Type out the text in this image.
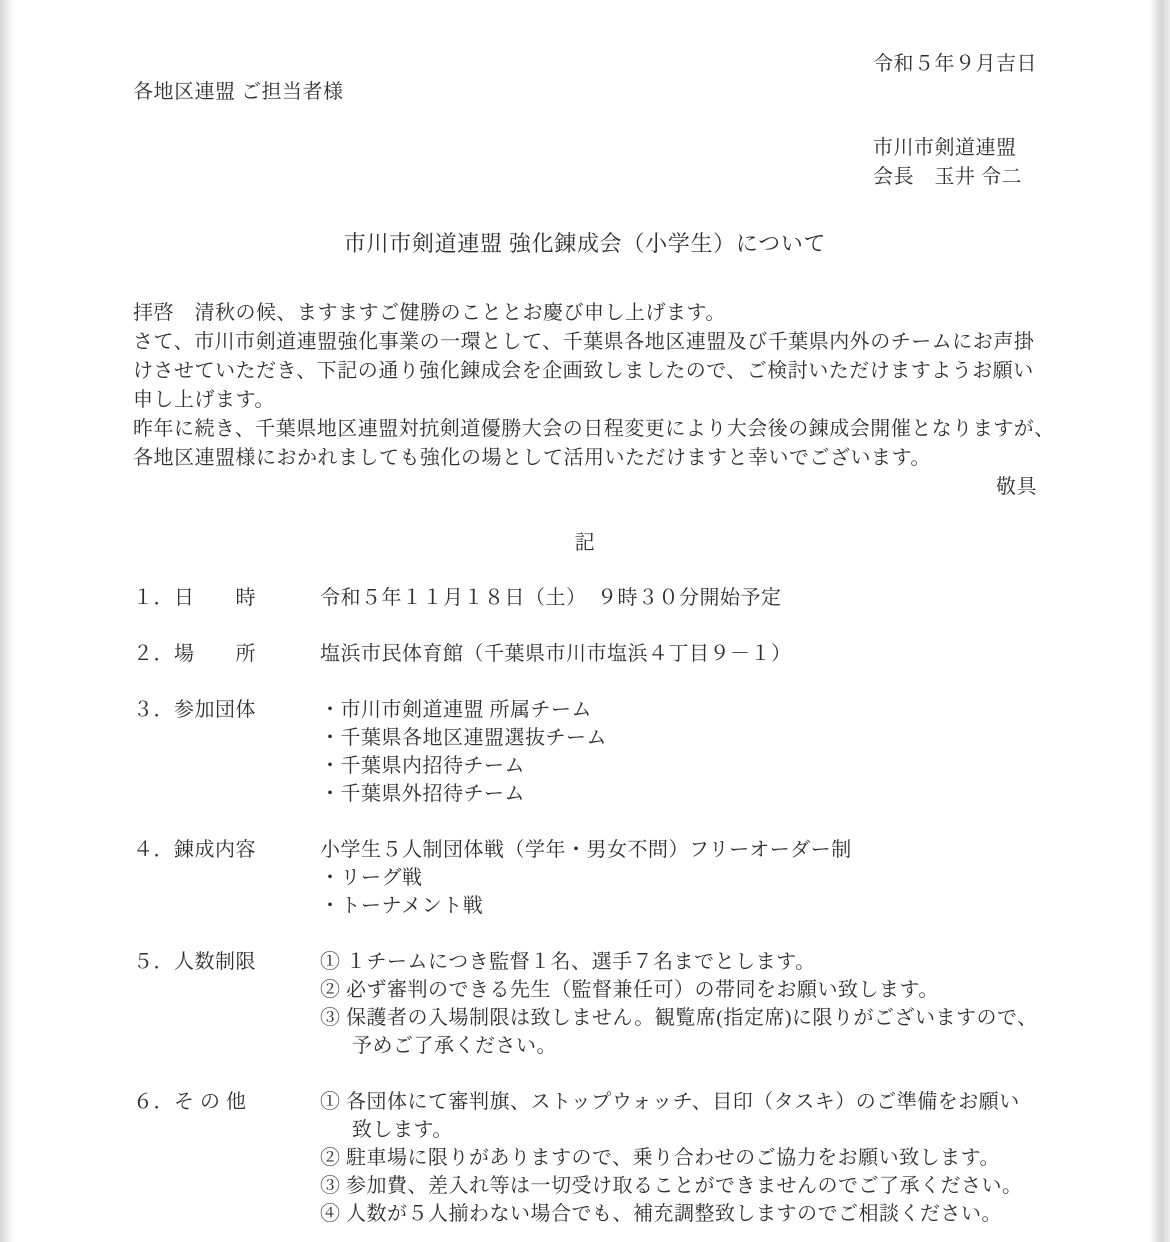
令和５年９月吉日
各地区連盟 ご担当者様
市川市剣道連盟
会長　玉井 令二
市川市剣道連盟 強化錬成会（小学生）について
拝啓　清秋の候、ますますご健勝のこととお慶び申し上げます。
さて、市川市剣道連盟強化事業の一環として、千葉県各地区連盟及び千葉県内外のチームにお声掛
けさせていただき、下記の通り強化錬成会を企画致しましたので、ご検討いただけますようお願い
申し上げます。
昨年に続き、千葉県地区連盟対抗剣道優勝大会の日程変更により大会後の錬成会開催となりますが、
各地区連盟様におかれましても強化の場として活用いただけますと幸いでございます。
敬具
記
１．日　　時	令和５年１１月１８日（土）　９時３０分開始予定
２．場　　所	塩浜市民体育館（千葉県市川市塩浜４丁目９－１）
３．参加団体	・市川市剣道連盟 所属チーム
・千葉県各地区連盟選抜チーム
・千葉県内招待チーム
・千葉県外招待チーム
４．錬成内容	小学生５人制団体戦（学年・男女不問）フリーオーダー制
・リーグ戦
・トーナメント戦
５．人数制限	① １チームにつき監督１名、選手７名までとします。
② 必ず審判のできる先生（監督兼任可）の帯同をお願い致します。
③ 保護者の入場制限は致しません。観覧席(指定席)に限りがございますので、
予めご了承ください。
６．そ の 他	① 各団体にて審判旗、ストップウォッチ、目印（タスキ）のご準備をお願い
致します。
② 駐車場に限りがありますので、乗り合わせのご協力をお願い致します。
③ 参加費、差入れ等は一切受け取ることができませんのでご了承ください。
④ 人数が５人揃わない場合でも、補充調整致しますのでご相談ください。
